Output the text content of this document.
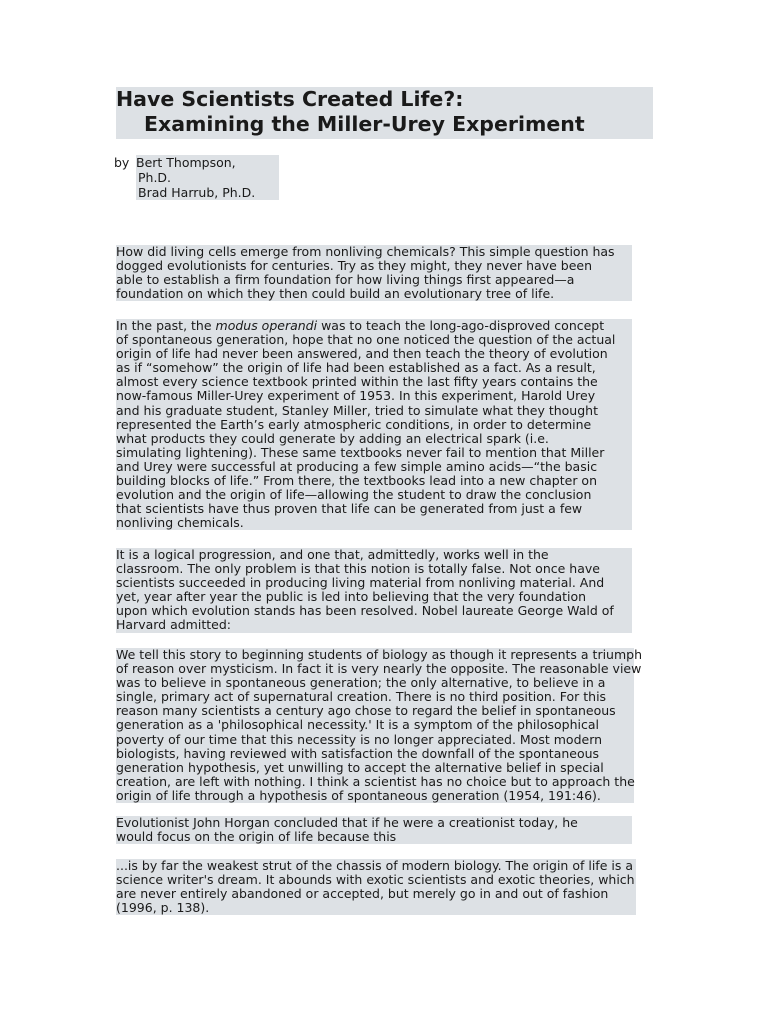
Have Scientists Created Life?:
Examining the Miller-Urey Experiment
by Bert Thompson,
Ph.D.
Brad Harrub, Ph.D.
How did living cells emerge from nonliving chemicals? This simple question has
dogged evolutionists for centuries. Try as they might, they never have been
able to establish a firm foundation for how living things first appeared—a
foundation on which they then could build an evolutionary tree of life.
In the past, the modus operandi was to teach the long-ago-disproved concept
of spontaneous generation, hope that no one noticed the question of the actual
origin of life had never been answered, and then teach the theory of evolution
as if “somehow” the origin of life had been established as a fact. As a result,
almost every science textbook printed within the last fifty years contains the
now-famous Miller-Urey experiment of 1953. In this experiment, Harold Urey
and his graduate student, Stanley Miller, tried to simulate what they thought
represented the Earth’s early atmospheric conditions, in order to determine
what products they could generate by adding an electrical spark (i.e.
simulating lightening). These same textbooks never fail to mention that Miller
and Urey were successful at producing a few simple amino acids—“the basic
building blocks of life.” From there, the textbooks lead into a new chapter on
evolution and the origin of life—allowing the student to draw the conclusion
that scientists have thus proven that life can be generated from just a few
nonliving chemicals.
It is a logical progression, and one that, admittedly, works well in the
classroom. The only problem is that this notion is totally false. Not once have
scientists succeeded in producing living material from nonliving material. And
yet, year after year the public is led into believing that the very foundation
upon which evolution stands has been resolved. Nobel laureate George Wald of
Harvard admitted:
We tell this story to beginning students of biology as though it represents a triumph
of reason over mysticism. In fact it is very nearly the opposite. The reasonable view
was to believe in spontaneous generation; the only alternative, to believe in a
single, primary act of supernatural creation. There is no third position. For this
reason many scientists a century ago chose to regard the belief in spontaneous
generation as a 'philosophical necessity.' It is a symptom of the philosophical
poverty of our time that this necessity is no longer appreciated. Most modern
biologists, having reviewed with satisfaction the downfall of the spontaneous
generation hypothesis, yet unwilling to accept the alternative belief in special
creation, are left with nothing. I think a scientist has no choice but to approach the
origin of life through a hypothesis of spontaneous generation (1954, 191:46).
Evolutionist John Horgan concluded that if he were a creationist today, he
would focus on the origin of life because this
...is by far the weakest strut of the chassis of modern biology. The origin of life is a
science writer's dream. It abounds with exotic scientists and exotic theories, which
are never entirely abandoned or accepted, but merely go in and out of fashion
(1996, p. 138).
